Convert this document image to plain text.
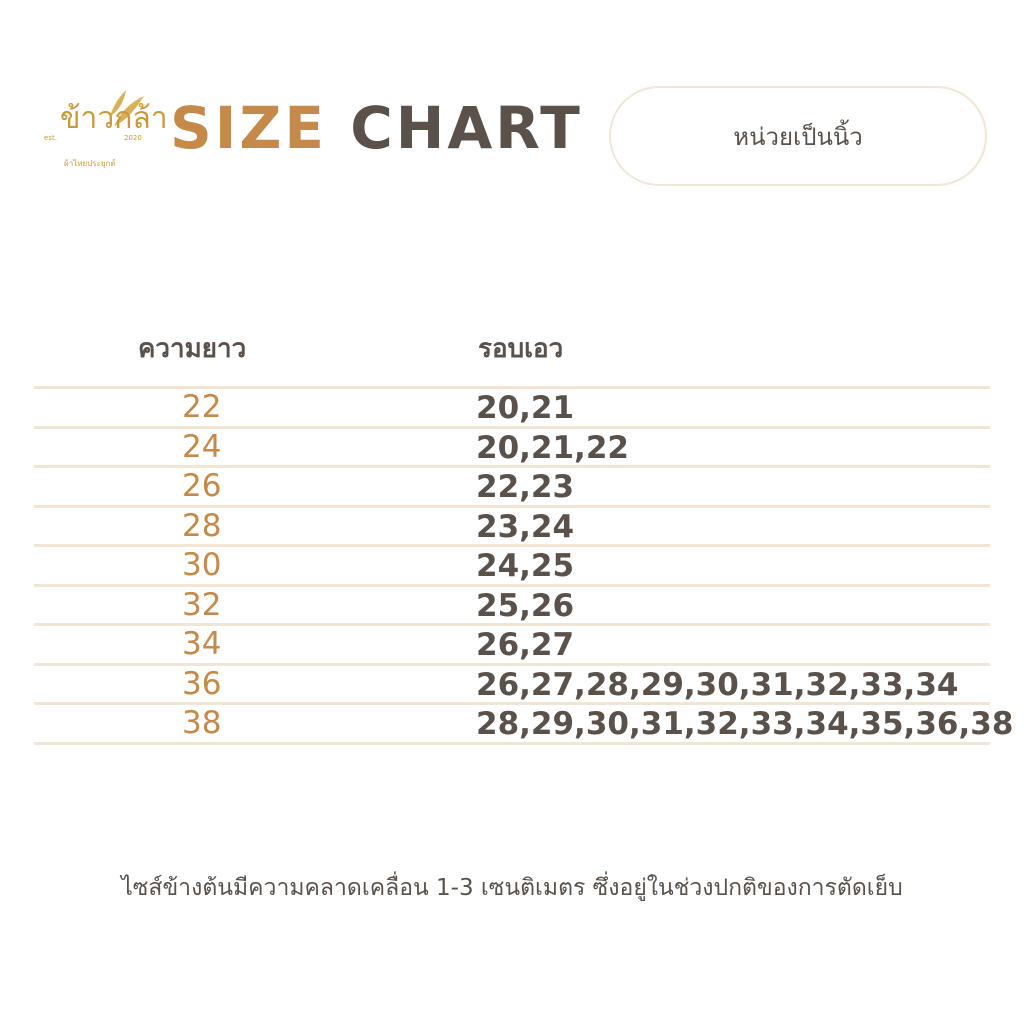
ข้าวกล้า
est.	2020
ผ้าไทยประยุกต์
SIZE CHART	หน่วยเป็นนิ้ว
ความยาว	รอบเอว
22	20,21
24	20,21,22
26	22,23
28	23,24
30	24,25
32	25,26
34	26,27
36	26,27,28,29,30,31,32,33,34
38	28,29,30,31,32,33,34,35,36,38
ไซส์ข้างต้นมีความคลาดเคลื่อน 1-3 เซนติเมตร ซึ่งอยู่ในช่วงปกติของการตัดเย็บ
